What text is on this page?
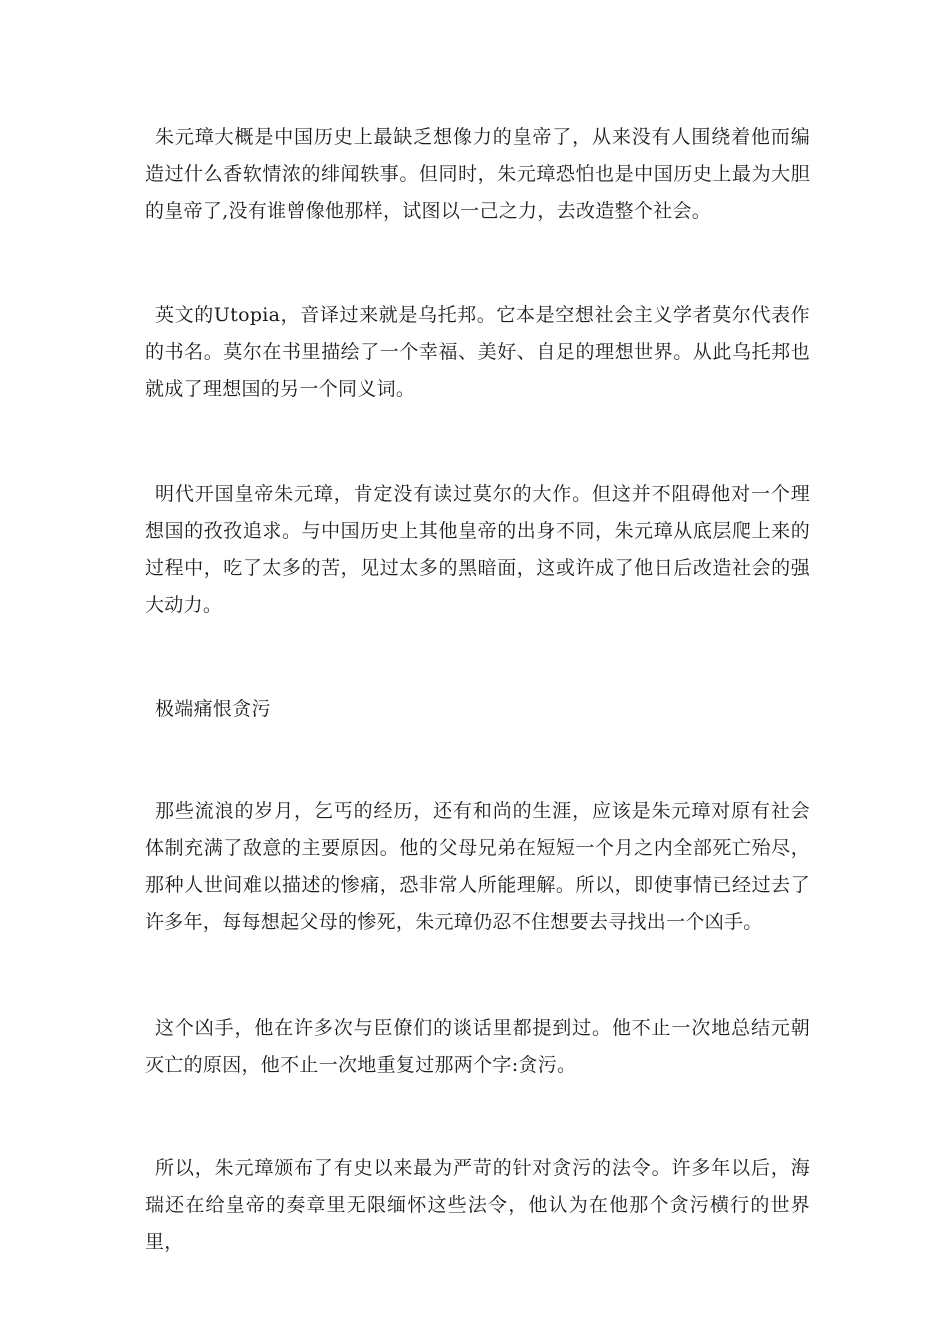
朱元璋大概是中国历史上最缺乏想像力的皇帝了，从来没有人围绕着他而编造过什么香软情浓的绯闻轶事。但同时，朱元璋恐怕也是中国历史上最为大胆的皇帝了,没有谁曾像他那样，试图以一己之力，去改造整个社会。

英文的Utopia，音译过来就是乌托邦。它本是空想社会主义学者莫尔代表作的书名。莫尔在书里描绘了一个幸福、美好、自足的理想世界。从此乌托邦也就成了理想国的另一个同义词。

明代开国皇帝朱元璋，肯定没有读过莫尔的大作。但这并不阻碍他对一个理想国的孜孜追求。与中国历史上其他皇帝的出身不同，朱元璋从底层爬上来的过程中，吃了太多的苦，见过太多的黑暗面，这或许成了他日后改造社会的强大动力。

极端痛恨贪污

那些流浪的岁月，乞丐的经历，还有和尚的生涯，应该是朱元璋对原有社会体制充满了敌意的主要原因。他的父母兄弟在短短一个月之内全部死亡殆尽，那种人世间难以描述的惨痛，恐非常人所能理解。所以，即使事情已经过去了许多年，每每想起父母的惨死，朱元璋仍忍不住想要去寻找出一个凶手。

这个凶手，他在许多次与臣僚们的谈话里都提到过。他不止一次地总结元朝灭亡的原因，他不止一次地重复过那两个字:贪污。

所以，朱元璋颁布了有史以来最为严苛的针对贪污的法令。许多年以后，海瑞还在给皇帝的奏章里无限缅怀这些法令，他认为在他那个贪污横行的世界里，
